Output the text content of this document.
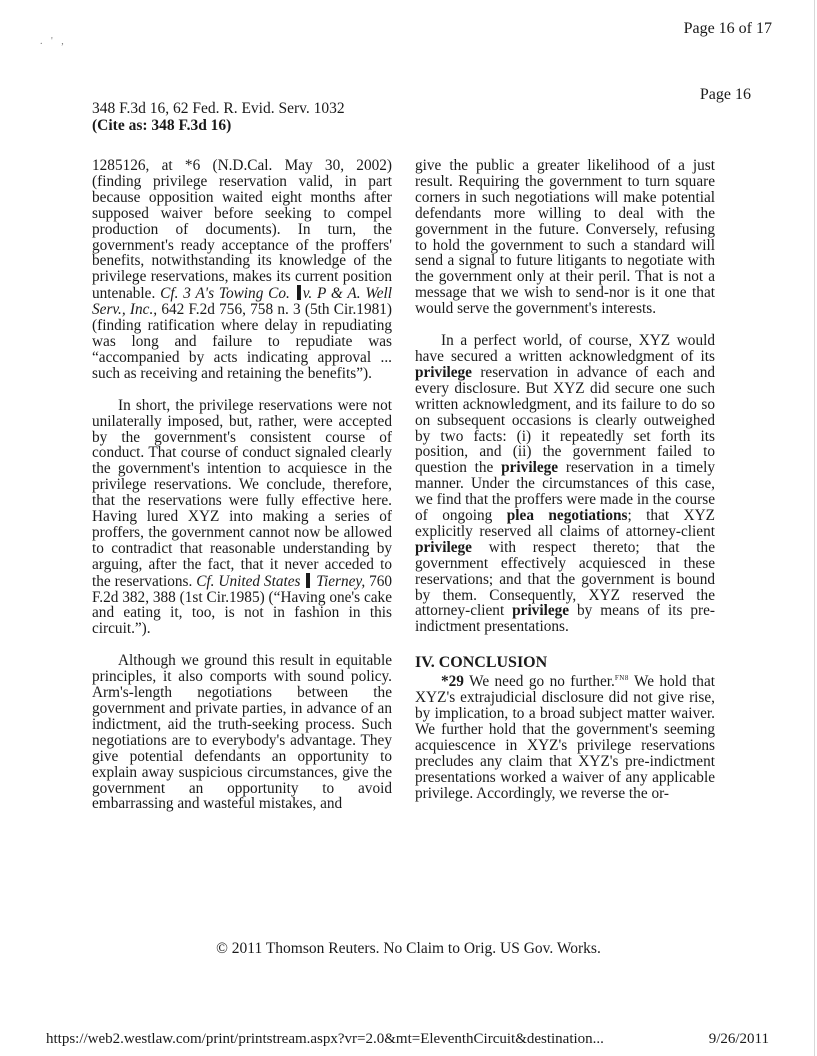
. ' ,
Page 16 of 17
Page 16
348 F.3d 16, 62 Fed. R. Evid. Serv. 1032
(Cite as: 348 F.3d 16)

1285126, at *6 (N.D.Cal. May 30, 2002) (finding privilege reservation valid, in part because opposition waited eight months after supposed waiver before seeking to compel production of documents). In turn, the government's ready acceptance of the proffers' benefits, notwithstanding its knowledge of the privilege reservations, makes its current position untenable. Cf. 3 A's Towing Co. v. P & A. Well Serv., Inc., 642 F.2d 756, 758 n. 3 (5th Cir.1981) (finding ratification where delay in repudiating was long and failure to repudiate was “accompanied by acts indicating approval ... such as receiving and retaining the benefits”).

In short, the privilege reservations were not unilaterally imposed, but, rather, were accepted by the government's consistent course of conduct. That course of conduct signaled clearly the government's intention to acquiesce in the privilege reservations. We conclude, therefore, that the reservations were fully effective here. Having lured XYZ into making a series of proffers, the government cannot now be allowed to contradict that reasonable understanding by arguing, after the fact, that it never acceded to the reservations. Cf. United States Tierney, 760 F.2d 382, 388 (1st Cir.1985) (“Having one's cake and eating it, too, is not in fashion in this circuit.”).

Although we ground this result in equitable principles, it also comports with sound policy. Arm's-length negotiations between the government and private parties, in advance of an indictment, aid the truth-seeking process. Such negotiations are to everybody's advantage. They give potential defendants an opportunity to explain away suspicious circumstances, give the government an opportunity to avoid embarrassing and wasteful mistakes, and

give the public a greater likelihood of a just result. Requiring the government to turn square corners in such negotiations will make potential defendants more willing to deal with the government in the future. Conversely, refusing to hold the government to such a standard will send a signal to future litigants to negotiate with the government only at their peril. That is not a message that we wish to send-nor is it one that would serve the government's interests.

In a perfect world, of course, XYZ would have secured a written acknowledgment of its privilege reservation in advance of each and every disclosure. But XYZ did secure one such written acknowledgment, and its failure to do so on subsequent occasions is clearly outweighed by two facts: (i) it repeatedly set forth its position, and (ii) the government failed to question the privilege reservation in a timely manner. Under the circumstances of this case, we find that the proffers were made in the course of ongoing plea negotiations; that XYZ explicitly reserved all claims of attorney-client privilege with respect thereto; that the government effectively acquiesced in these reservations; and that the government is bound by them. Consequently, XYZ reserved the attorney-client privilege by means of its pre-indictment presentations.

IV. CONCLUSION

*29 We need go no further.$^{FN8}$ We hold that XYZ's extrajudicial disclosure did not give rise, by implication, to a broad subject matter waiver. We further hold that the government's seeming acquiescence in XYZ's privilege reservations precludes any claim that XYZ's pre-indictment presentations worked a waiver of any applicable privilege. Accordingly, we reverse the or-

© 2011 Thomson Reuters. No Claim to Orig. US Gov. Works.
https://web2.westlaw.com/print/printstream.aspx?vr=2.0&mt=EleventhCircuit&destination...	9/26/2011
